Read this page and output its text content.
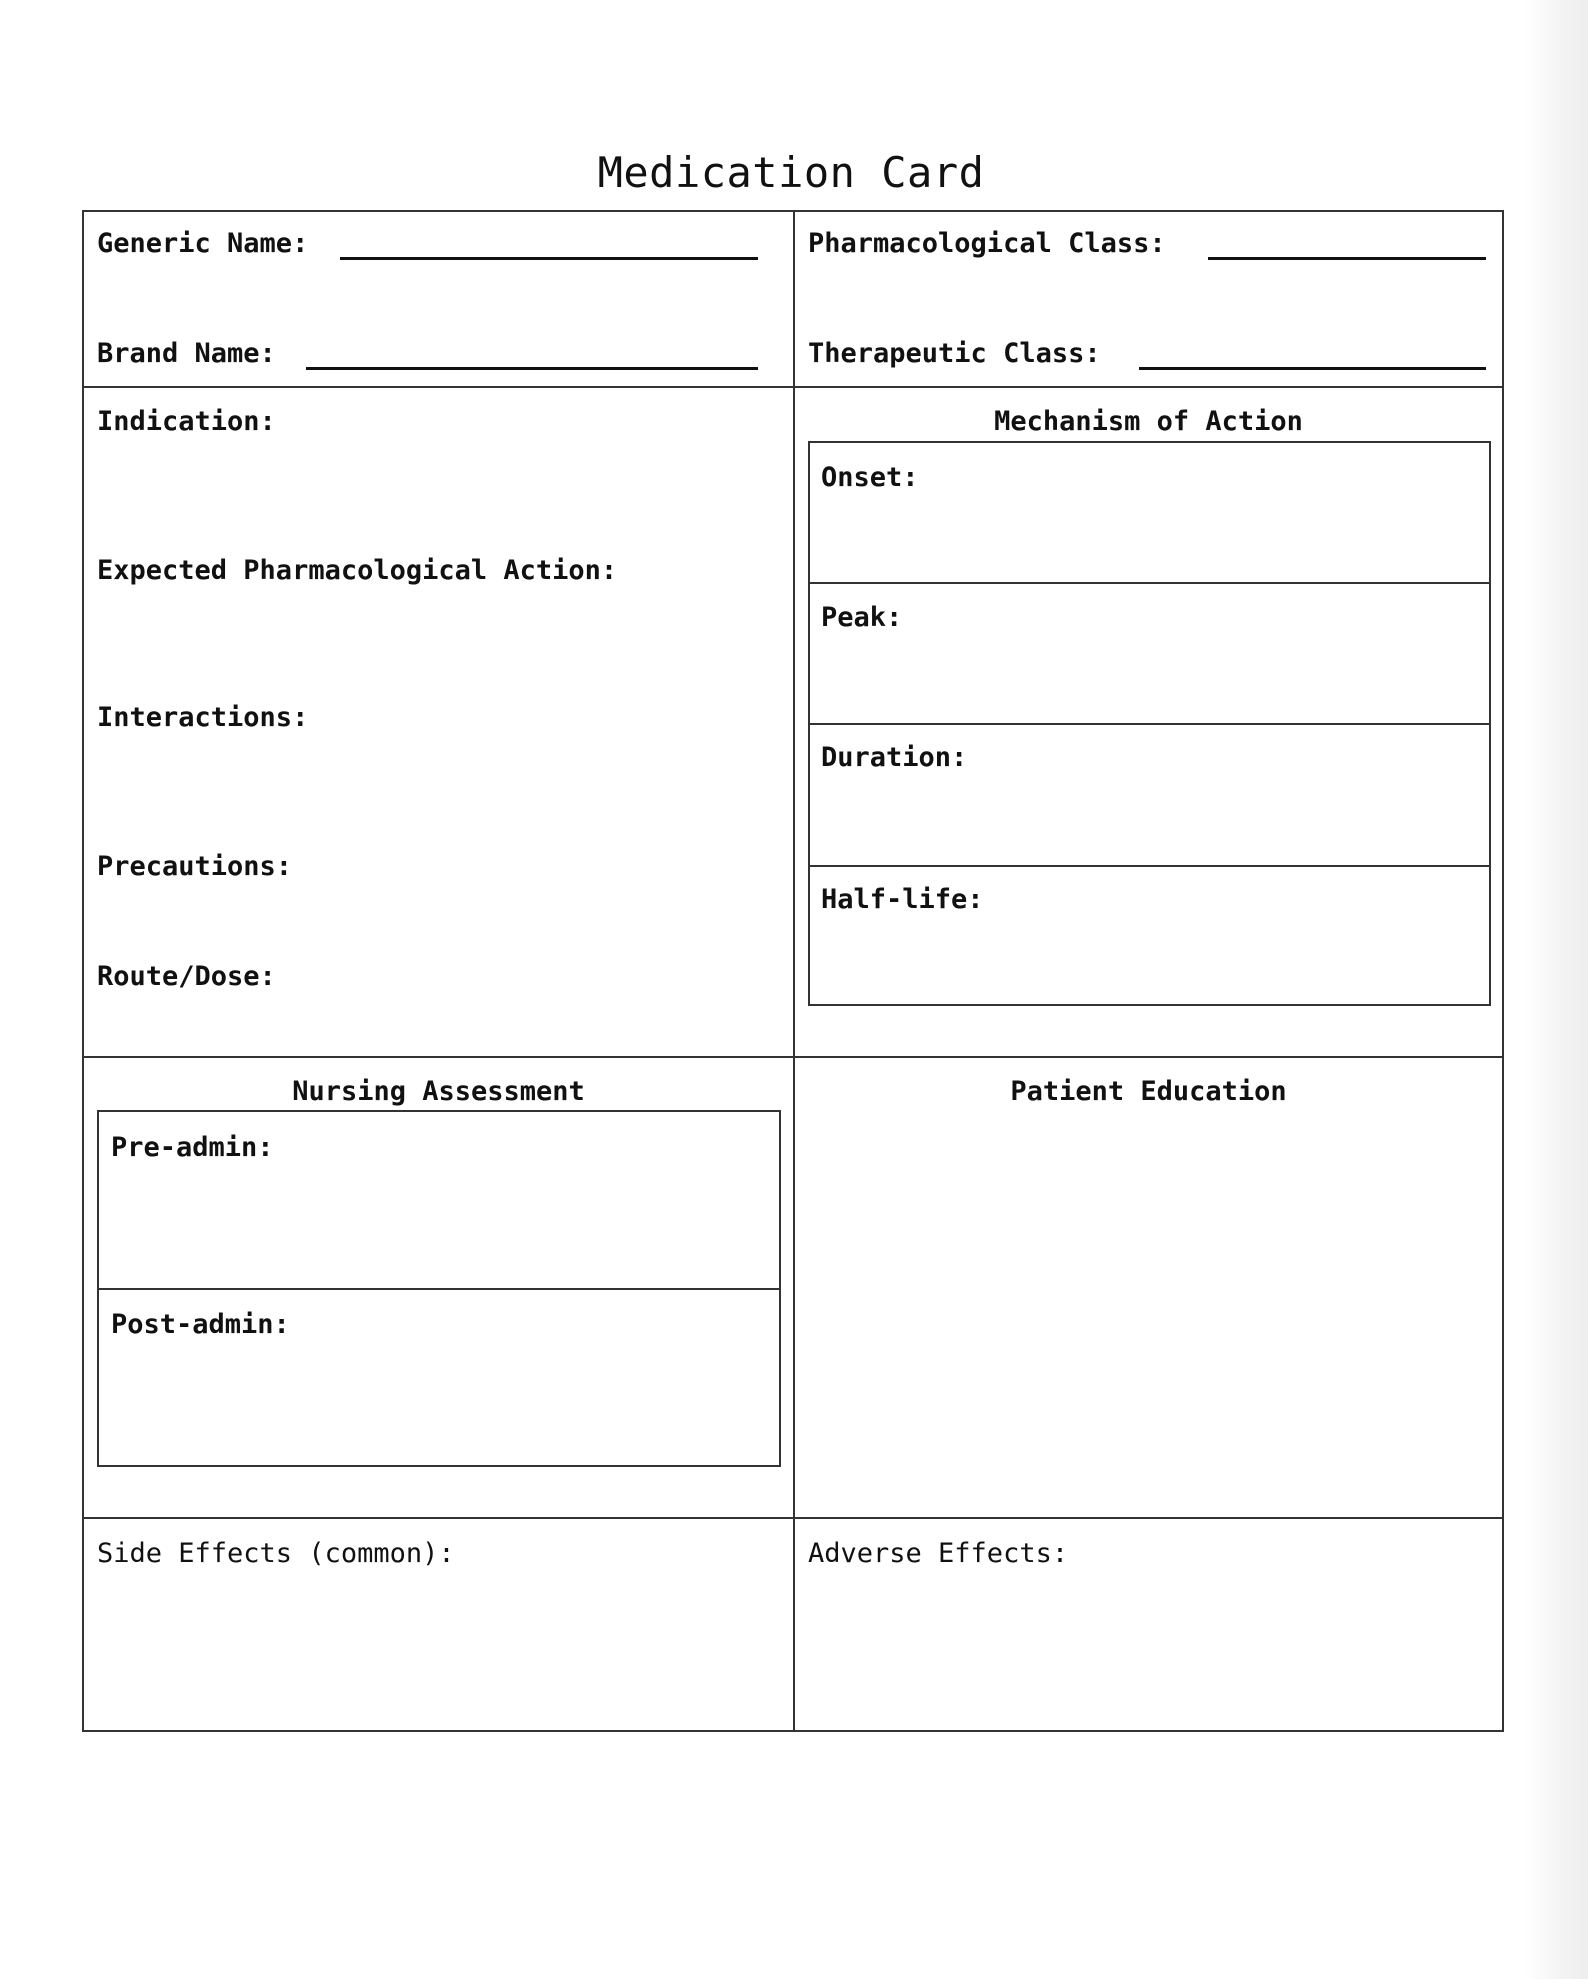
Medication Card
Generic Name:
Brand Name:
Pharmacological Class:
Therapeutic Class:
Indication:
Expected Pharmacological Action:
Interactions:
Precautions:
Route/Dose:
Mechanism of Action
Onset:
Peak:
Duration:
Half-life:
Nursing Assessment
Pre-admin:
Post-admin:
Patient Education
Side Effects (common):	Adverse Effects:
